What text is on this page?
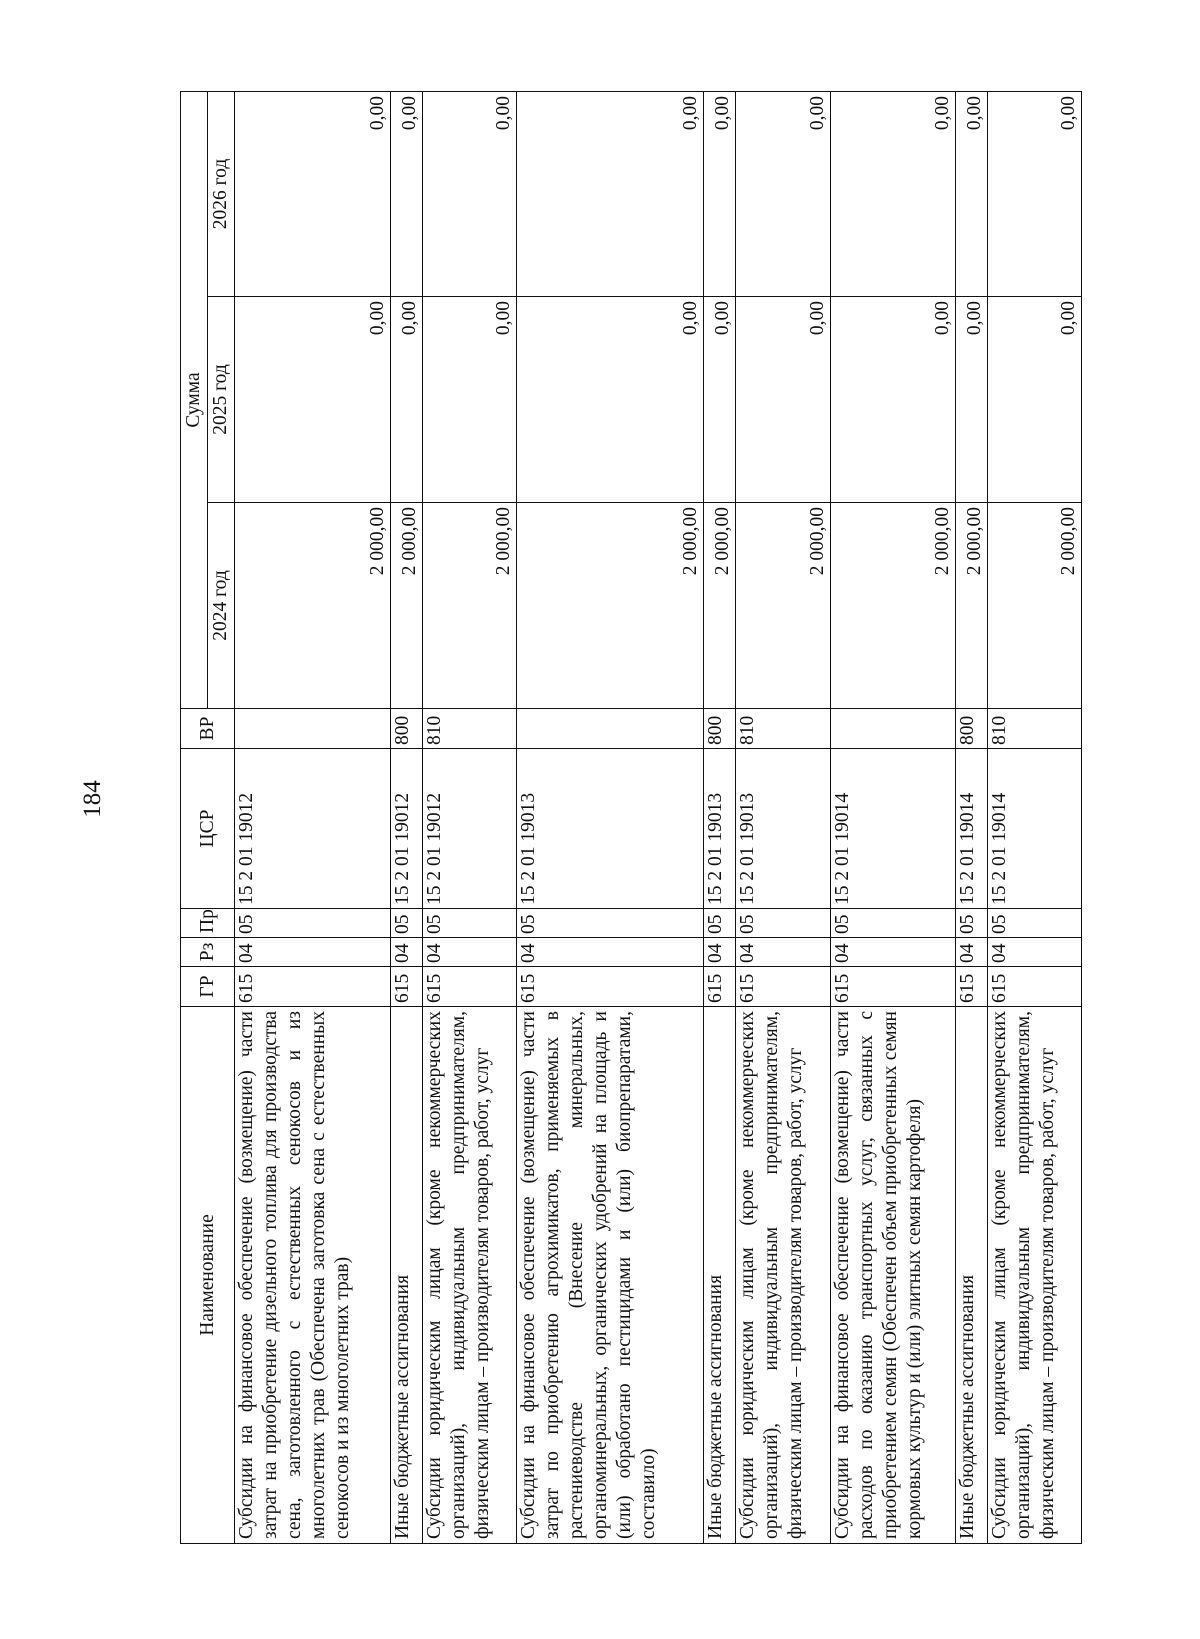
184
Наименование	ГР	Рз	Пр	ЦСР	ВР	Сумма		
						2024 год	2025 год	2026 год
Субсидии на финансовое обеспечение (возмещение) части затрат на приобретение дизельного топлива для производства сена, заготовленного с естественных сенокосов и из многолетних трав (Обеспечена заготовка сена с естественных сенокосов и из многолетних трав)	615	04	05	15 2 01 19012		2 000,00	0,00	0,00
Иные бюджетные ассигнования	615	04	05	15 2 01 19012	800	2 000,00	0,00	0,00
Субсидии юридическим лицам (кроме некоммерческих организаций), индивидуальным предпринимателям, физическим лицам – производителям товаров, работ, услуг	615	04	05	15 2 01 19012	810	2 000,00	0,00	0,00
Субсидии на финансовое обеспечение (возмещение) части затрат по приобретению агрохимикатов, применяемых в растениеводстве (Внесение минеральных, органоминеральных, органических удобрений на площадь и (или) обработано пестицидами и (или) биопрепаратами, составило)	615	04	05	15 2 01 19013		2 000,00	0,00	0,00
Иные бюджетные ассигнования	615	04	05	15 2 01 19013	800	2 000,00	0,00	0,00
Субсидии юридическим лицам (кроме некоммерческих организаций), индивидуальным предпринимателям, физическим лицам – производителям товаров, работ, услуг	615	04	05	15 2 01 19013	810	2 000,00	0,00	0,00
Субсидии на финансовое обеспечение (возмещение) части расходов по оказанию транспортных услуг, связанных с приобретением семян (Обеспечен объем приобретенных семян кормовых культур и (или) элитных семян картофеля)	615	04	05	15 2 01 19014		2 000,00	0,00	0,00
Иные бюджетные ассигнования	615	04	05	15 2 01 19014	800	2 000,00	0,00	0,00
Субсидии юридическим лицам (кроме некоммерческих организаций), индивидуальным предпринимателям, физическим лицам – производителям товаров, работ, услуг	615	04	05	15 2 01 19014	810	2 000,00	0,00	0,00
